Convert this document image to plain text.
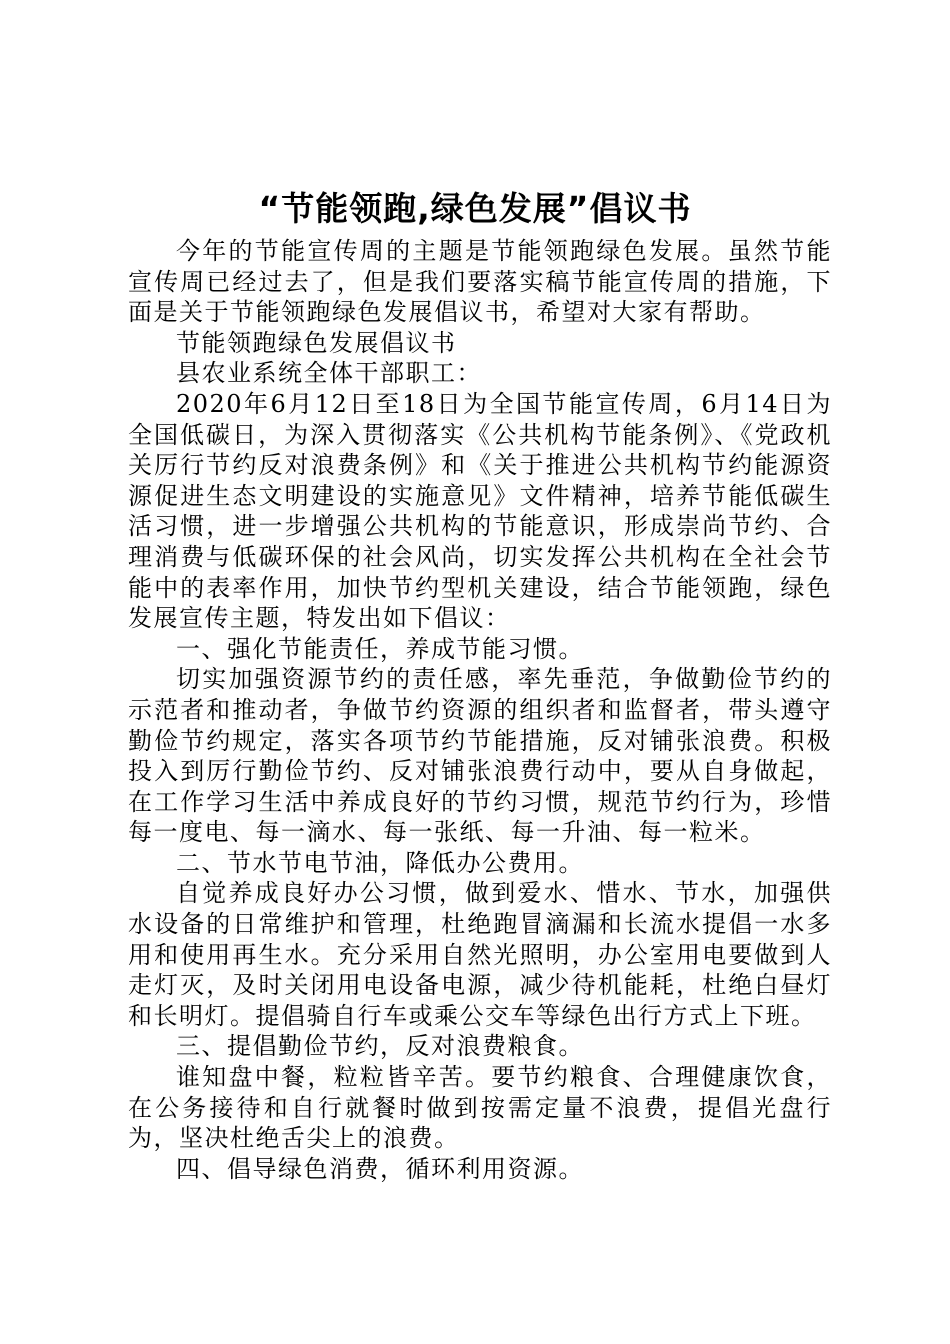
“节能领跑,绿色发展”倡议书

今年的节能宣传周的主题是节能领跑绿色发展。虽然节能宣传周已经过去了，但是我们要落实稿节能宣传周的措施，下面是关于节能领跑绿色发展倡议书，希望对大家有帮助。

节能领跑绿色发展倡议书

县农业系统全体干部职工：

2020年6月12日至18日为全国节能宣传周，6月14日为全国低碳日，为深入贯彻落实《公共机构节能条例》、《党政机关厉行节约反对浪费条例》和《关于推进公共机构节约能源资源促进生态文明建设的实施意见》文件精神，培养节能低碳生活习惯，进一步增强公共机构的节能意识，形成崇尚节约、合理消费与低碳环保的社会风尚，切实发挥公共机构在全社会节能中的表率作用，加快节约型机关建设，结合节能领跑，绿色发展宣传主题，特发出如下倡议：

一、强化节能责任，养成节能习惯。

切实加强资源节约的责任感，率先垂范，争做勤俭节约的示范者和推动者，争做节约资源的组织者和监督者，带头遵守勤俭节约规定，落实各项节约节能措施，反对铺张浪费。积极投入到厉行勤俭节约、反对铺张浪费行动中，要从自身做起，在工作学习生活中养成良好的节约习惯，规范节约行为，珍惜每一度电、每一滴水、每一张纸、每一升油、每一粒米。

二、节水节电节油，降低办公费用。

自觉养成良好办公习惯，做到爱水、惜水、节水，加强供水设备的日常维护和管理，杜绝跑冒滴漏和长流水提倡一水多用和使用再生水。充分采用自然光照明，办公室用电要做到人走灯灭，及时关闭用电设备电源，减少待机能耗，杜绝白昼灯和长明灯。提倡骑自行车或乘公交车等绿色出行方式上下班。

三、提倡勤俭节约，反对浪费粮食。

谁知盘中餐，粒粒皆辛苦。要节约粮食、合理健康饮食，在公务接待和自行就餐时做到按需定量不浪费，提倡光盘行为，坚决杜绝舌尖上的浪费。

四、倡导绿色消费，循环利用资源。
